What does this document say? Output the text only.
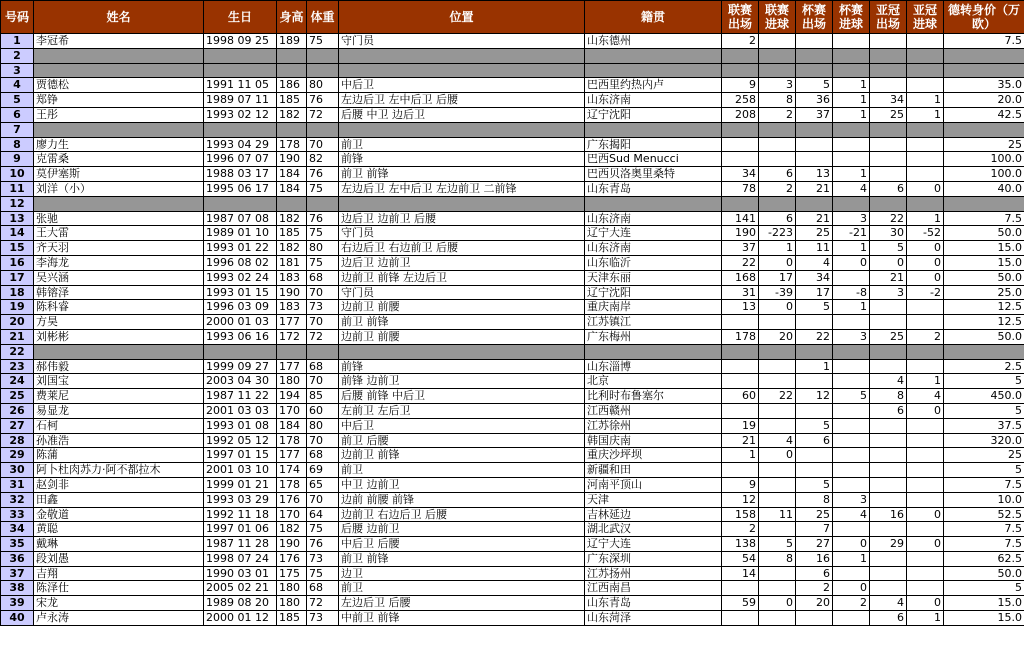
号码	姓名	生日	身高	体重	位置	籍贯	联赛出场	联赛进球	杯赛出场	杯赛进球	亚冠出场	亚冠进球	德转身价（万欧）
1	李冠希	1998 09 25	189	75	守门员	山东德州	2						7.5
2													
3													
4	贾德松	1991 11 05	186	80	中后卫	巴西里约热内卢	9	3	5	1			35.0
5	郑铮	1989 07 11	185	76	左边后卫 左中后卫 后腰	山东济南	258	8	36	1	34	1	20.0
6	王彤	1993 02 12	182	72	后腰 中卫 边后卫	辽宁沈阳	208	2	37	1	25	1	42.5
7													
8	廖力生	1993 04 29	178	70	前卫	广东揭阳							25
9	克雷桑	1996 07 07	190	82	前锋	巴西Sud Menucci							100.0
10	莫伊塞斯	1988 03 17	184	76	前卫 前锋	巴西贝洛奥里桑特	34	6	13	1			100.0
11	刘洋（小）	1995 06 17	184	75	左边后卫 左中后卫 左边前卫 二前锋	山东青岛	78	2	21	4	6	0	40.0
12													
13	张驰	1987 07 08	182	76	边后卫 边前卫 后腰	山东济南	141	6	21	3	22	1	7.5
14	王大雷	1989 01 10	185	75	守门员	辽宁大连	190	-223	25	-21	30	-52	50.0
15	齐天羽	1993 01 22	182	80	右边后卫 右边前卫 后腰	山东济南	37	1	11	1	5	0	15.0
16	李海龙	1996 08 02	181	75	边后卫 边前卫	山东临沂	22	0	4	0	0	0	15.0
17	吴兴涵	1993 02 24	183	68	边前卫 前锋 左边后卫	天津东丽	168	17	34		21	0	50.0
18	韩镕泽	1993 01 15	190	70	守门员	辽宁沈阳	31	-39	17	-8	3	-2	25.0
19	陈科睿	1996 03 09	183	73	边前卫 前腰	重庆南岸	13	0	5	1			12.5
20	方昊	2000 01 03	177	70	前卫 前锋	江苏镇江							12.5
21	刘彬彬	1993 06 16	172	72	边前卫 前腰	广东梅州	178	20	22	3	25	2	50.0
22													
23	郝伟毅	1999 09 27	177	68	前锋	山东淄博			1				2.5
24	刘国宝	2003 04 30	180	70	前锋 边前卫	北京					4	1	5
25	费莱尼	1987 11 22	194	85	后腰 前锋 中后卫	比利时布鲁塞尔	60	22	12	5	8	4	450.0
26	易显龙	2001 03 03	170	60	左前卫 左后卫	江西赣州					6	0	5
27	石柯	1993 01 08	184	80	中后卫	江苏徐州	19		5				37.5
28	孙准浩	1992 05 12	178	70	前卫 后腰	韩国庆南	21	4	6				320.0
29	陈蒲	1997 01 15	177	68	边前卫 前锋	重庆沙坪坝	1	0					25
30	阿卜杜肉苏力·阿不都拉木	2001 03 10	174	69	前卫	新疆和田							5
31	赵剑非	1999 01 21	178	65	中卫 边前卫	河南平顶山	9		5				7.5
32	田鑫	1993 03 29	176	70	边前 前腰 前锋	天津	12		8	3			10.0
33	金敬道	1992 11 18	170	64	边前卫 右边后卫 后腰	吉林延边	158	11	25	4	16	0	52.5
34	黄聪	1997 01 06	182	75	后腰 边前卫	湖北武汉	2		7				7.5
35	戴琳	1987 11 28	190	76	中后卫 后腰	辽宁大连	138	5	27	0	29	0	7.5
36	段刘愚	1998 07 24	176	73	前卫 前锋	广东深圳	54	8	16	1			62.5
37	吉翔	1990 03 01	175	75	边卫	江苏扬州	14		6				50.0
38	陈泽仕	2005 02 21	180	68	前卫	江西南昌			2	0			5
39	宋龙	1989 08 20	180	72	左边后卫 后腰	山东青岛	59	0	20	2	4	0	15.0
40	卢永涛	2000 01 12	185	73	中前卫 前锋	山东菏泽					6	1	15.0
